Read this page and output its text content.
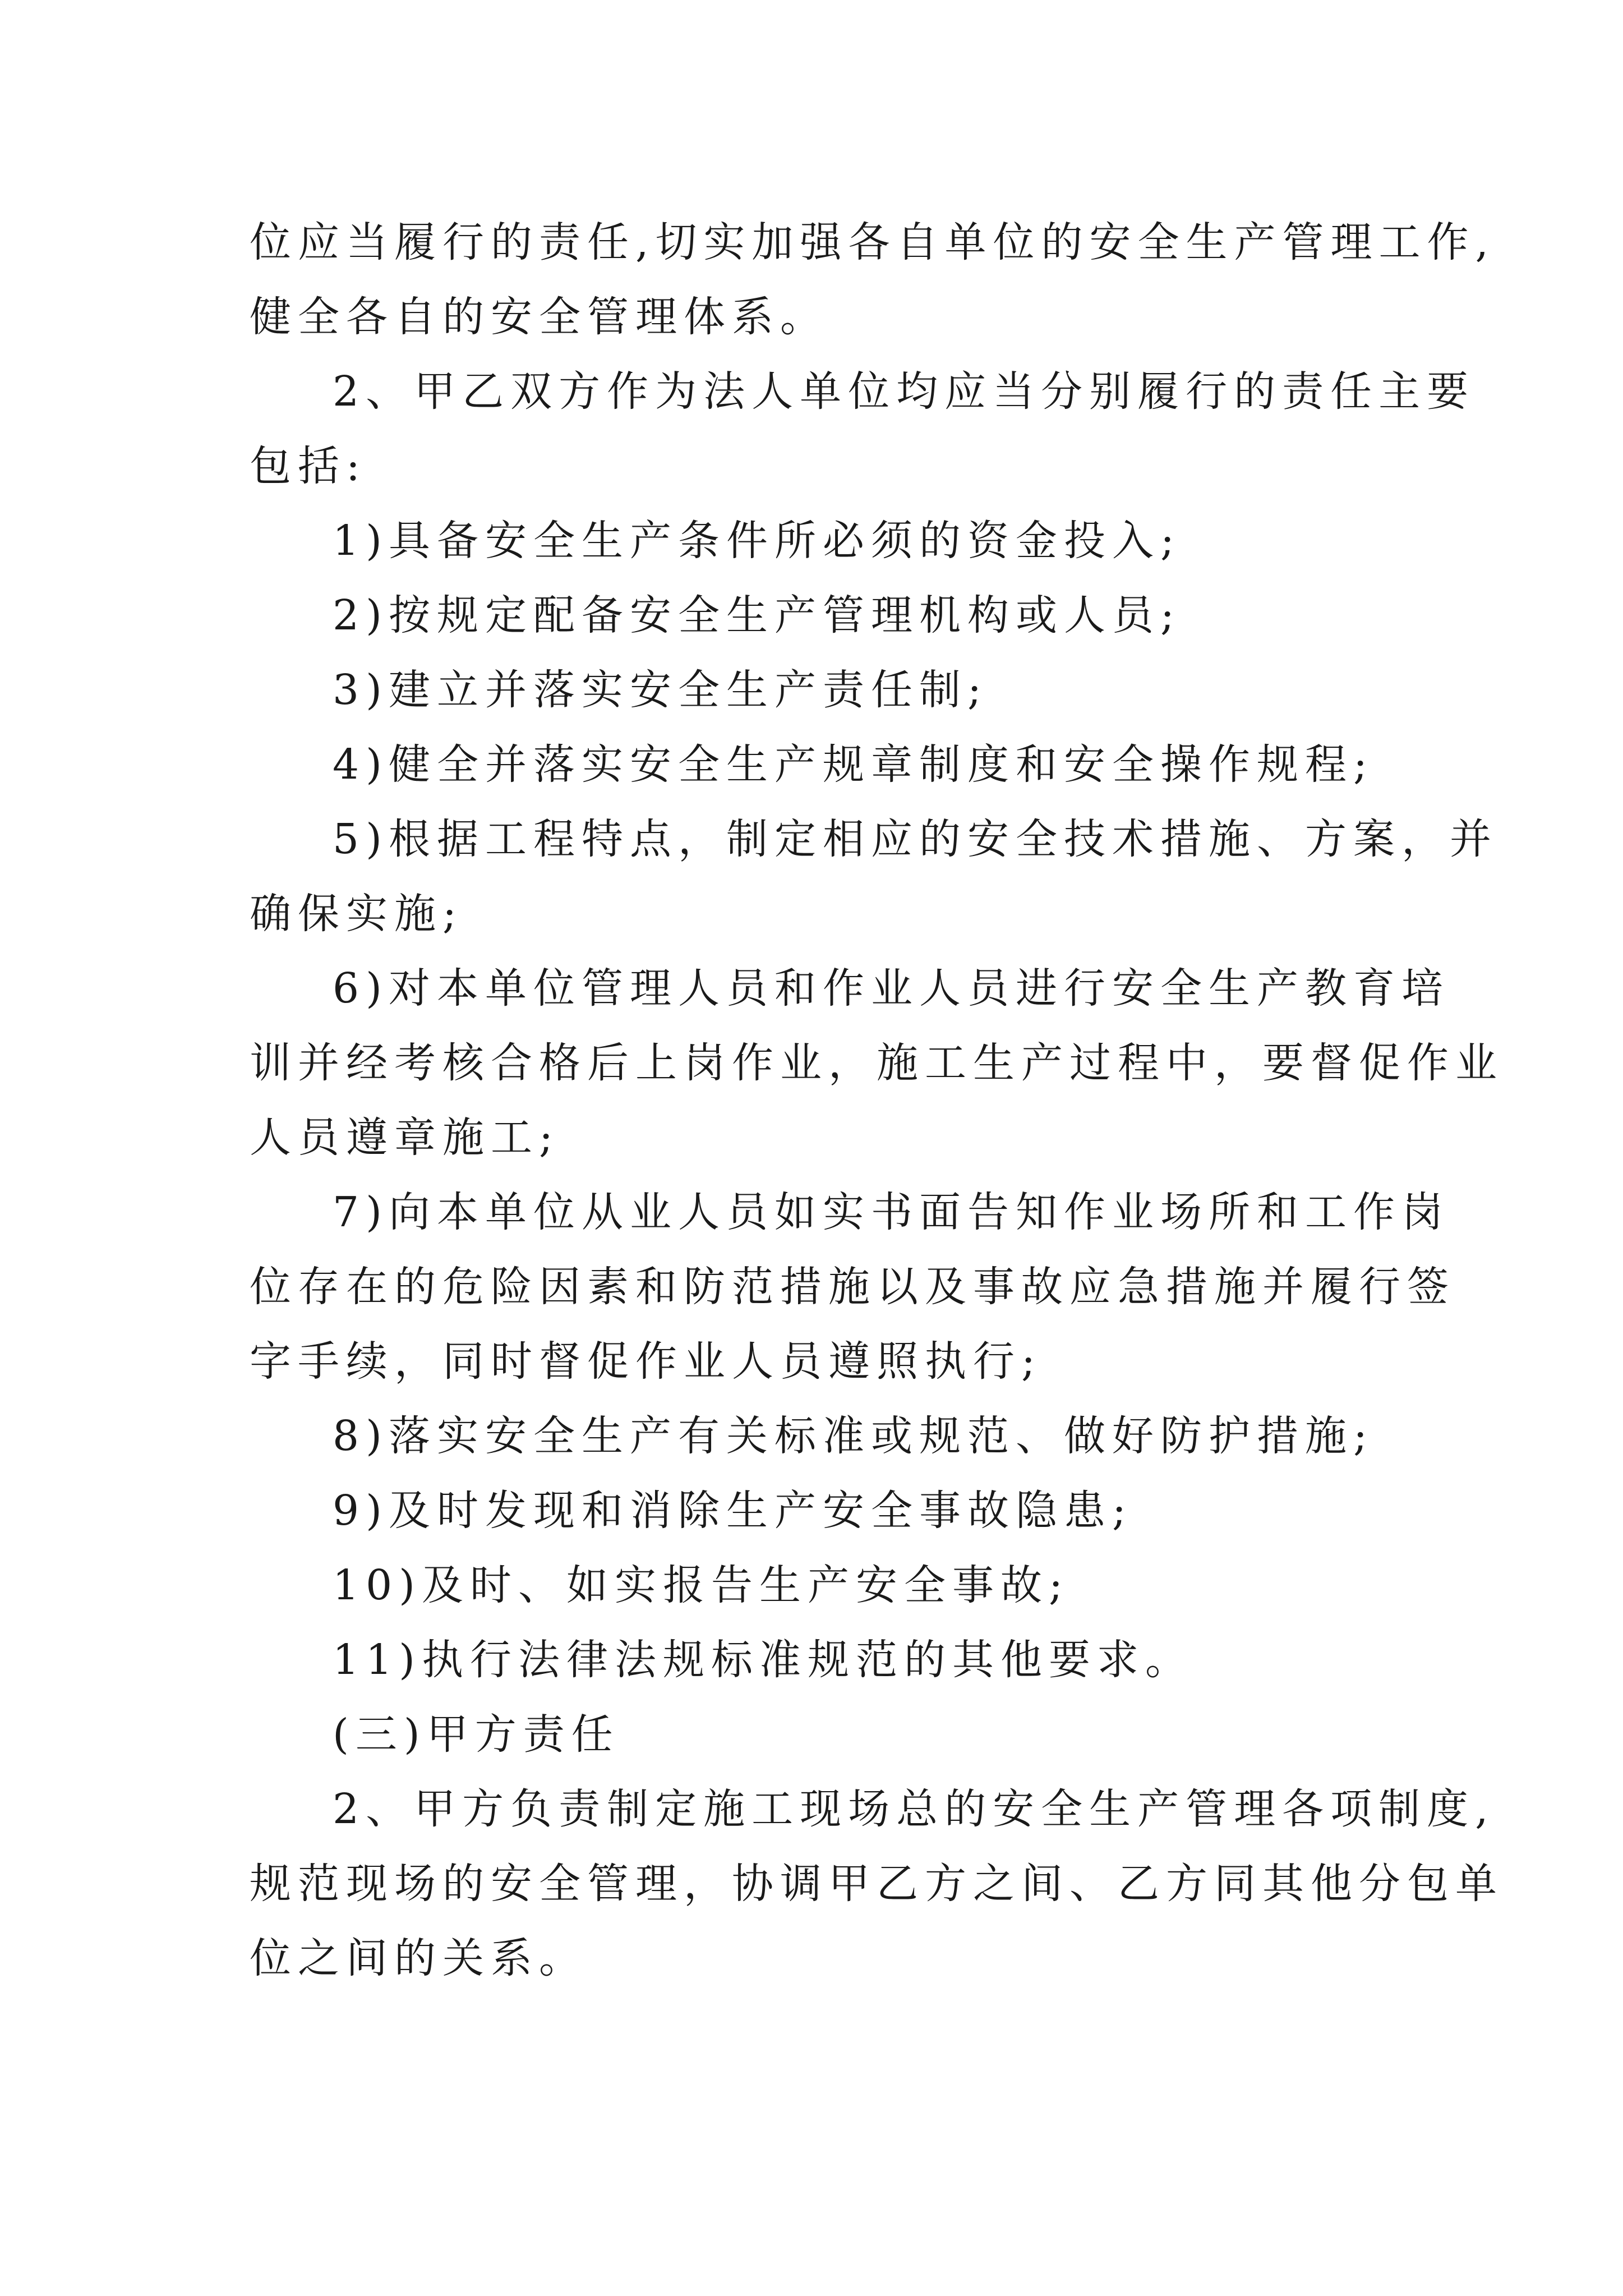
位应当履行的责任,切实加强各自单位的安全生产管理工作,
健全各自的安全管理体系。
2、甲乙双方作为法人单位均应当分别履行的责任主要
包括:
1)具备安全生产条件所必须的资金投入;
2)按规定配备安全生产管理机构或人员;
3)建立并落实安全生产责任制;
4)健全并落实安全生产规章制度和安全操作规程;
5)根据工程特点，制定相应的安全技术措施、方案，并
确保实施;
6)对本单位管理人员和作业人员进行安全生产教育培
训并经考核合格后上岗作业，施工生产过程中，要督促作业
人员遵章施工;
7)向本单位从业人员如实书面告知作业场所和工作岗
位存在的危险因素和防范措施以及事故应急措施并履行签
字手续，同时督促作业人员遵照执行;
8)落实安全生产有关标准或规范、做好防护措施;
9)及时发现和消除生产安全事故隐患;
10)及时、如实报告生产安全事故;
11)执行法律法规标准规范的其他要求。
(三)甲方责任
2、甲方负责制定施工现场总的安全生产管理各项制度,
规范现场的安全管理，协调甲乙方之间、乙方同其他分包单
位之间的关系。
